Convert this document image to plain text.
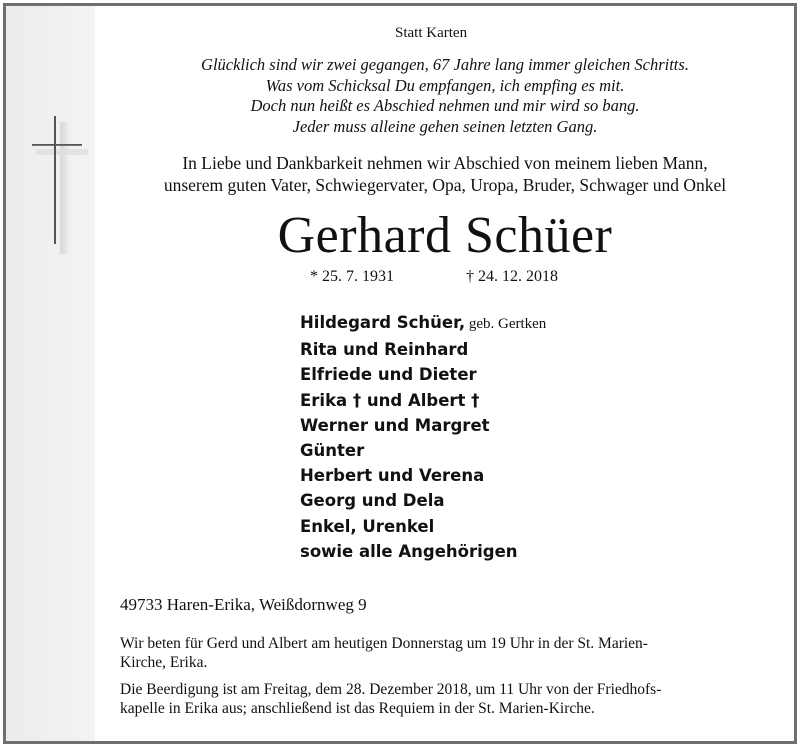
Statt Karten
Glücklich sind wir zwei gegangen, 67 Jahre lang immer gleichen Schritts.
Was vom Schicksal Du empfangen, ich empfing es mit.
Doch nun heißt es Abschied nehmen und mir wird so bang.
Jeder muss alleine gehen seinen letzten Gang.
In Liebe und Dankbarkeit nehmen wir Abschied von meinem lieben Mann,
unserem guten Vater, Schwiegervater, Opa, Uropa, Bruder, Schwager und Onkel
Gerhard Schüer
* 25. 7. 1931	† 24. 12. 2018
Hildegard Schüer, geb. Gertken
Rita und Reinhard
Elfriede und Dieter
Erika † und Albert †
Werner und Margret
Günter
Herbert und Verena
Georg und Dela
Enkel, Urenkel
sowie alle Angehörigen
49733 Haren-Erika, Weißdornweg 9
Wir beten für Gerd und Albert am heutigen Donnerstag um 19 Uhr in der St. Marien-
Kirche, Erika.
Die Beerdigung ist am Freitag, dem 28. Dezember 2018, um 11 Uhr von der Friedhofs-
kapelle in Erika aus; anschließend ist das Requiem in der St. Marien-Kirche.
